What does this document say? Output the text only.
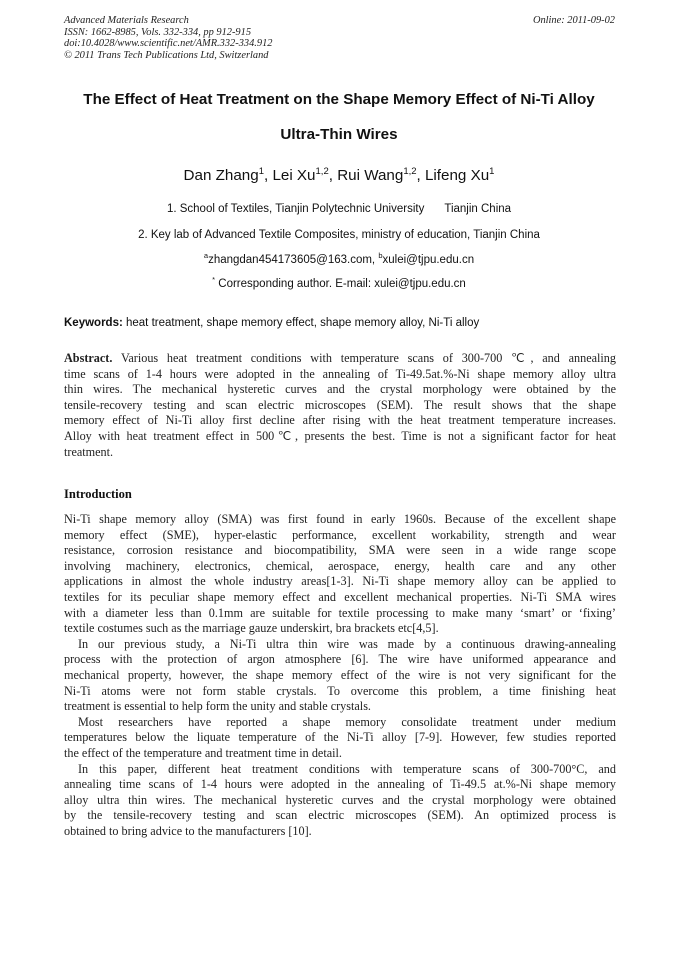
Advanced Materials Research
ISSN: 1662-8985, Vols. 332-334, pp 912-915
doi:10.4028/www.scientific.net/AMR.332-334.912
© 2011 Trans Tech Publications Ltd, Switzerland
Online: 2011-09-02
The Effect of Heat Treatment on the Shape Memory Effect of Ni-Ti Alloy
Ultra-Thin Wires
Dan Zhang$^1$, Lei Xu$^{1,2}$, Rui Wang$^{1,2}$, Lifeng Xu$^1$
1. School of Textiles, Tianjin Polytechnic University Tianjin China
2. Key lab of Advanced Textile Composites, ministry of education, Tianjin China
$^a$zhangdan454173605@163.com, $^b$xulei@tjpu.edu.cn
* Corresponding author. E-mail: xulei@tjpu.edu.cn
Keywords: heat treatment, shape memory effect, shape memory alloy, Ni-Ti alloy
Abstract. Various heat treatment conditions with temperature scans of 300-700 ℃, and annealing
time scans of 1-4 hours were adopted in the annealing of Ti-49.5at.%-Ni shape memory alloy ultra
thin wires. The mechanical hysteretic curves and the crystal morphology were obtained by the
tensile-recovery testing and scan electric microscopes (SEM). The result shows that the shape
memory effect of Ni-Ti alloy first decline after rising with the heat treatment temperature increases.
Alloy with heat treatment effect in 500℃, presents the best. Time is not a significant factor for heat
treatment.
Introduction
Ni-Ti shape memory alloy (SMA) was first found in early 1960s. Because of the excellent shape
memory effect (SME), hyper-elastic performance, excellent workability, strength and wear
resistance, corrosion resistance and biocompatibility, SMA were seen in a wide range scope
involving machinery, electronics, chemical, aerospace, energy, health care and any other
applications in almost the whole industry areas[1-3]. Ni-Ti shape memory alloy can be applied to
textiles for its peculiar shape memory effect and excellent mechanical properties. Ni-Ti SMA wires
with a diameter less than 0.1mm are suitable for textile processing to make many ‘smart’ or ‘fixing’
textile costumes such as the marriage gauze underskirt, bra brackets etc[4,5].
In our previous study, a Ni-Ti ultra thin wire was made by a continuous drawing-annealing
process with the protection of argon atmosphere [6]. The wire have uniformed appearance and
mechanical property, however, the shape memory effect of the wire is not very significant for the
Ni-Ti atoms were not form stable crystals. To overcome this problem, a time finishing heat
treatment is essential to help form the unity and stable crystals.
Most researchers have reported a shape memory consolidate treatment under medium
temperatures below the liquate temperature of the Ni-Ti alloy [7-9]. However, few studies reported
the effect of the temperature and treatment time in detail.
In this paper, different heat treatment conditions with temperature scans of 300-700°C, and
annealing time scans of 1-4 hours were adopted in the annealing of Ti-49.5 at.%-Ni shape memory
alloy ultra thin wires. The mechanical hysteretic curves and the crystal morphology were obtained
by the tensile-recovery testing and scan electric microscopes (SEM). An optimized process is
obtained to bring advice to the manufacturers [10].
